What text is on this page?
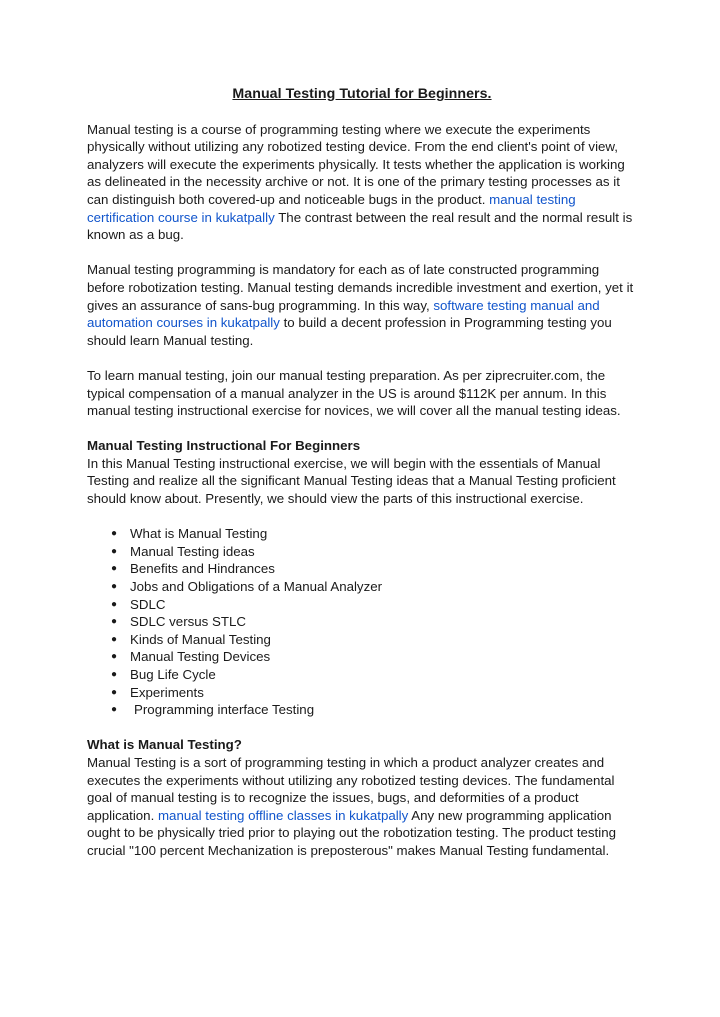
Manual Testing Tutorial for Beginners.

Manual testing is a course of programming testing where we execute the experiments physically without utilizing any robotized testing device. From the end client's point of view, analyzers will execute the experiments physically. It tests whether the application is working as delineated in the necessity archive or not. It is one of the primary testing processes as it can distinguish both covered-up and noticeable bugs in the product. manual testing certification course in kukatpally The contrast between the real result and the normal result is known as a bug.

Manual testing programming is mandatory for each as of late constructed programming before robotization testing. Manual testing demands incredible investment and exertion, yet it gives an assurance of sans-bug programming. In this way, software testing manual and automation courses in kukatpally to build a decent profession in Programming testing you should learn Manual testing.

To learn manual testing, join our manual testing preparation. As per ziprecruiter.com, the typical compensation of a manual analyzer in the US is around $112K per annum. In this manual testing instructional exercise for novices, we will cover all the manual testing ideas.

Manual Testing Instructional For Beginners

In this Manual Testing instructional exercise, we will begin with the essentials of Manual Testing and realize all the significant Manual Testing ideas that a Manual Testing proficient should know about. Presently, we should view the parts of this instructional exercise.

● What is Manual Testing
● Manual Testing ideas
● Benefits and Hindrances
● Jobs and Obligations of a Manual Analyzer
● SDLC
● SDLC versus STLC
● Kinds of Manual Testing
● Manual Testing Devices
● Bug Life Cycle
● Experiments
● Programming interface Testing

What is Manual Testing?

Manual Testing is a sort of programming testing in which a product analyzer creates and executes the experiments without utilizing any robotized testing devices. The fundamental goal of manual testing is to recognize the issues, bugs, and deformities of a product application. manual testing offline classes in kukatpally Any new programming application ought to be physically tried prior to playing out the robotization testing. The product testing crucial "100 percent Mechanization is preposterous" makes Manual Testing fundamental.
